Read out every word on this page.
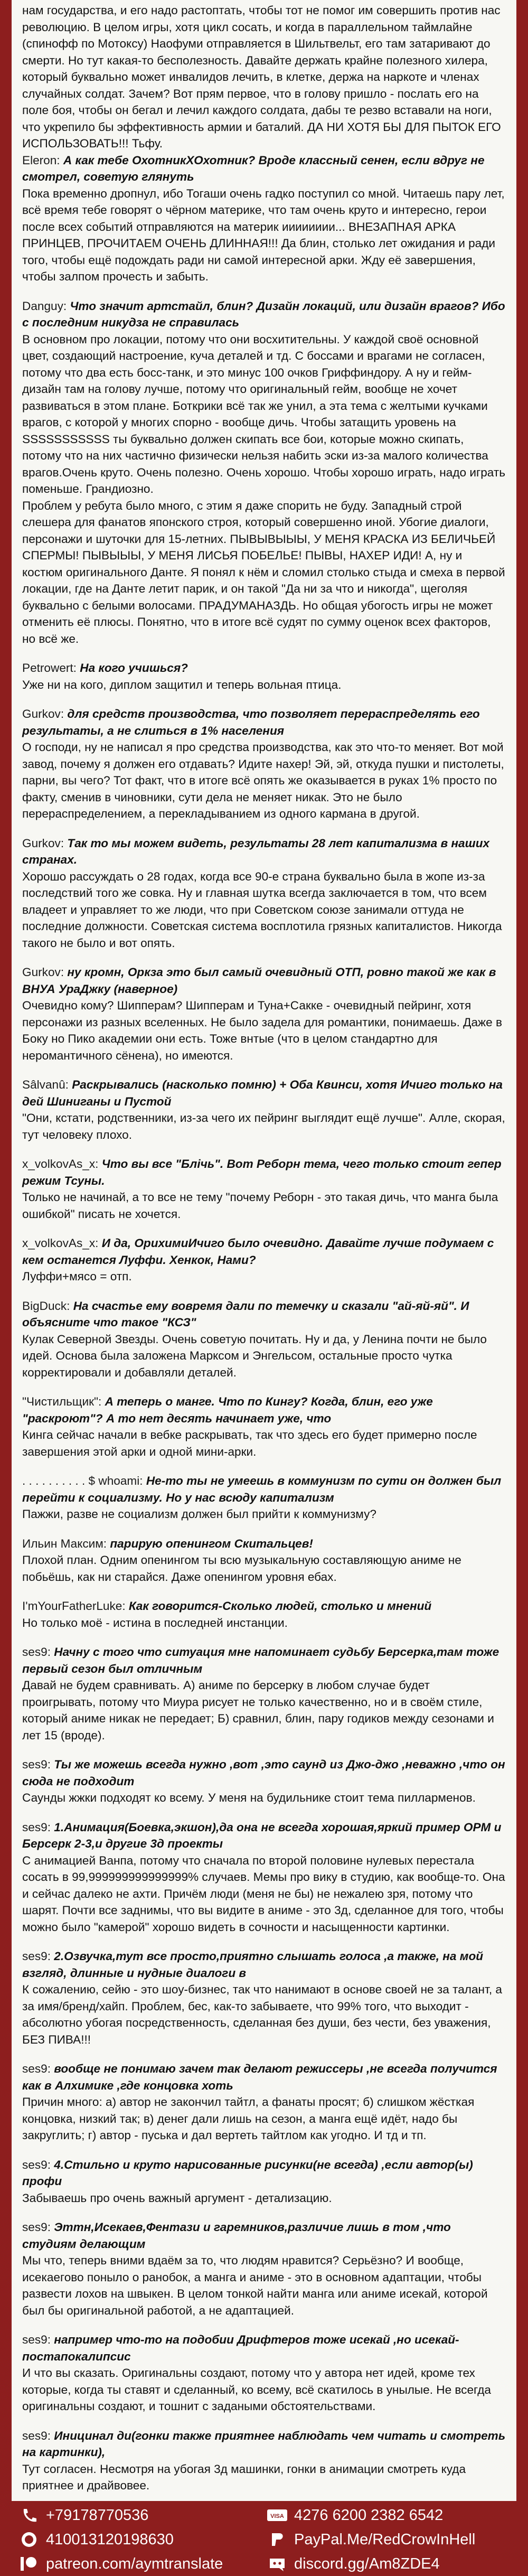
нам государства, и его надо растоптать, чтобы тот не помог им совершить против нас революцию. В целом игры, хотя цикл сосать, и когда в параллельном таймлайне (спинофф по Мотоксу) Наофуми отправляется в Шильтвельт, его там затаривают до смерти. Но тут какая-то бесполезность. Давайте держать крайне полезного хилера, который буквально может инвалидов лечить, в клетке, держа на наркоте и членах случайных солдат. Зачем? Вот прям первое, что в голову пришло - послать его на поле боя, чтобы он бегал и лечил каждого солдата, дабы те резво вставали на ноги, что укрепило бы эффективность армии и баталий. ДА НИ ХОТЯ БЫ ДЛЯ ПЫТОК ЕГО ИСПОЛЬЗОВАТЬ!!! Тьфу.

Eleron: А как тебе ОхотникХОхотник? Вроде классный сенен, если вдруг не смотрел, советую глянуть

Пока временно дропнул, ибо Тогаши очень гадко поступил со мной. Читаешь пару лет, всё время тебе говорят о чёрном материке, что там очень круто и интересно, герои после всех событий отправляются на материк ииииииии... ВНЕЗАПНАЯ АРКА ПРИНЦЕВ, ПРОЧИТАЕМ ОЧЕНЬ ДЛИННАЯ!!! Да блин, столько лет ожидания и ради того, чтобы ещё подождать ради ни самой интересной арки. Жду её завершения, чтобы залпом прочесть и забыть.

Danguy: Что значит артстайл, блин? Дизайн локаций, или дизайн врагов? Ибо с последним никудза не справилась

В основном про локации, потому что они восхитительны. У каждой своё основной цвет, создающий настроение, куча деталей и тд. С боссами и врагами не согласен, потому что два есть босс-танк, и это минус 100 очков Гриффиндору. А ну и гейм-дизайн там на голову лучше, потому что оригинальный гейм, вообще не хочет развиваться в этом плане. Боткрики всё так же унил, а эта тема с желтыми кучками врагов, с которой у многих спорно - вообще дичь. Чтобы затащить уровень на SSSSSSSSSSS ты буквально должен скипать все бои, которые можно скипать, потому что на них частично физически нельзя набить эски из-за малого количества врагов.Очень круто. Очень полезно. Очень хорошо. Чтобы хорошо играть, надо играть поменьше. Грандиозно.
Проблем у ребута было много, с этим я даже спорить не буду. Западный строй слешера для фанатов японского строя, который совершенно иной. Убогие диалоги, персонажи и шуточки для 15-летних. ПЫВЫВЫЫЫ, У МЕНЯ КРАСКА ИЗ БЕЛИЧЬЕЙ СПЕРМЫ! ПЫВЫЫЫ, У МЕНЯ ЛИСЬЯ ПОБЕЛЬЕ! ПЫВЫ, НАХЕР ИДИ! А, ну и костюм оригинального Данте. Я понял к нём и сломил столько стыда и смеха в первой локации, где на Данте летит парик, и он такой "Да ни за что и никогда", щеголяя буквально с белыми волосами. ПРАДУМАНАЗДЬ. Но общая убогость игры не может отменить её плюсы. Понятно, что в итоге всё судят по сумму оценок всех факторов, но всё же.

Petrowert: На кого учишься?

Уже ни на кого, диплом защитил и теперь вольная птица.

Gurkov: для средств производства, что позволяет перераспределять его результаты, а не слиться в 1% населения

О господи, ну не написал я про средства производства, как это что-то меняет. Вот мой завод, почему я должен его отдавать? Идите нахер! Эй, эй, откуда пушки и пистолеты, парни, вы чего? Тот факт, что в итоге всё опять же оказывается в руках 1% просто по факту, сменив в чиновники, сути дела не меняет никак. Это не было перераспределением, а перекладыванием из одного кармана в другой.

Gurkov: Так то мы можем видеть, результаты 28 лет капитализма в наших странах.

Хорошо рассуждать о 28 годах, когда все 90-е страна буквально была в жопе из-за последствий того же совка. Ну и главная шутка всегда заключается в том, что всем владеет и управляет то же люди, что при Советском союзе занимали оттуда не последние должности. Советская система восплотила грязных капиталистов. Никогда такого не было и вот опять.

Gurkov: ну кромн, Оркза это был самый очевидный ОТП, ровно такой же как в ВНУА УраДжку (наверное)

Очевидно кому? Шипперам? Шипперам и Туна+Сакке - очевидный пейринг, хотя персонажи из разных вселенных. Не было задела для романтики, понимаешь. Даже в Боку но Пико академии они есть. Тоже внтые (что в целом стандартно для неромантичного сёнена), но имеются.

Sâlvanû: Раскрывались (насколько помню) + Оба Квинси, хотя Ичиго только на дей Шиниганы и Пустой

"Они, кстати, родственники, из-за чего их пейринг выглядит ещё лучше". Алле, скорая, тут человеку плохо.

x_volkovAs_x: Что вы все "Блічь". Вот Реборн тема, чего только стоит гепер режим Тсуны.

Только не начинай, а то все не тему "почему Реборн - это такая дичь, что манга была ошибкой" писать не хочется.

x_volkovAs_x: И да, ОрихимиИчиго было очевидно. Давайте лучше подумаем с кем останется Луффи. Хенкок, Нами?

Луффи+мясо = отп.

BigDuck: На счастье ему вовремя дали по темечку и сказали "ай-яй-яй". И объясните что такое "КСЗ"

Кулак Северной Звезды. Очень советую почитать. Ну и да, у Ленина почти не было идей. Основа была заложена Марксом и Энгельсом, остальные просто чутка корректировали и добавляли деталей.

"Чистильщик": А теперь о манге. Что по Кингу? Когда, блин, его уже "раскроют"? А то нет десять начинает уже, что

Кинга сейчас начали в вебке раскрывать, так что здесь его будет примерно после завершения этой арки и одной мини-арки.

. . . . . . . . . . $ whoami: Не-то ты не умеешь в коммунизм по сути он должен был перейти к социализму. Но у нас всюду капитализм

Пажжи, разве не социализм должен был прийти к коммунизму?

Ильин Максим: парирую опенингом Скитальцев!

Плохой план. Одним опенингом ты всю музыкальную составляющую аниме не побьёшь, как ни старайся. Даже опенингом уровня ебах.

I'mYourFatherLuke: Как говорится-Сколько людей, столько и мнений

Но только моё - истина в последней инстанции.

ses9: Начну с того что ситуация мне напоминает судьбу Берсерка,там тоже первый сезон был отличным

Давай не будем сравнивать. А) аниме по берсерку в любом случае будет проигрывать, потому что Миура рисует не только качественно, но и в своём стиле, который аниме никак не передает; Б) сравнил, блин, пару годиков между сезонами и лет 15 (вроде).

ses9: Ты же можешь всегда нужно ,вот ,это саунд из Джо-джо ,неважно ,что он сюда не подходит

Саунды жжки подходят ко всему. У меня на будильнике стоит тема пилларменов.

ses9: 1.Анимация(Боевка,экшон),да она не всегда хорошая,яркий пример ОРМ и Берсерк 2-3,и другие 3д проекты

С анимацией Ванпа, потому что сначала по второй половине нулевых перестала сосать в 99,999999999999999% случаев. Мемы про вику в студию, как вообще-то. Она и сейчас далеко не ахти. Причём люди (меня не бы) не нежалею зря, потому что шарят. Почти все заднимы, что вы видите в аниме - это 3д, сделанное для того, чтобы можно было "камерой" хорошо видеть в сочности и насыщенности картинки.

ses9: 2.Озвучка,тут все просто,приятно слышать голоса ,а также, на мой взгляд, длинные и нудные диалоги в

К сожалению, сейю - это шоу-бизнес, так что нанимают в основе своей не за талант, а за имя/бренд/хайп. Проблем, бес, как-то забываете, что 99% того, что выходит - абсолютно убогая посредственность, сделанная без души, без чести, без уважения, БЕЗ ПИВА!!!

ses9: вообще не понимаю зачем так делают режиссеры ,не всегда получится как в Алхимике ,где концовка хоть

Причин много: а) автор не закончил тайтл, а фанаты просят; б) слишком жёсткая концовка, низкий так; в) денег дали лишь на сезон, а манга ещё идёт, надо бы закруглить; г) автор - пуська и дал вертеть тайтлом как угодно. И тд и тп.

ses9: 4.Стильно и круто нарисованные рисунки(не всегда) ,если автор(ы) профи

Забываешь про очень важный аргумент - детализацию.

ses9: Эттн,Исекаев,Фентази и гаремников,различие лишь в том ,что студиям делающим

Мы что, теперь вними вдаём за то, что людям нравится? Серьёзно? И вообще, исекаегово поныло о ранобок, а манга и аниме - это в основном адаптации, чтобы развести лохов на швыкен. В целом тонкой найти манга или аниме исекай, которой был бы оригинальной работой, а не адаптацией.

ses9: например что-то на подобии Дрифтеров тоже исекай ,но исекай-постапокалипсис

И что вы сказать. Оригинальны создают, потому что у автора нет идей, кроме тех которые, когда ты ставят и сделанный, ко всему, всё скатилось в унылые. Не всегда оригинальны создают, и тошнит с задаными обстоятельствами.

ses9: Иницинал ди(гонки также приятнее наблюдать чем читать и смотреть на картинки),

Тут согласен. Несмотря на убогая 3д машинки, гонки в анимации смотреть куда приятнее и драйвовее.

+79178770536
410013120198630
patreon.com/aymtranslate
VISA 4276 6200 2382 6542
PayPal.Me/RedCrowInHell
discord.gg/Am8ZDE4
